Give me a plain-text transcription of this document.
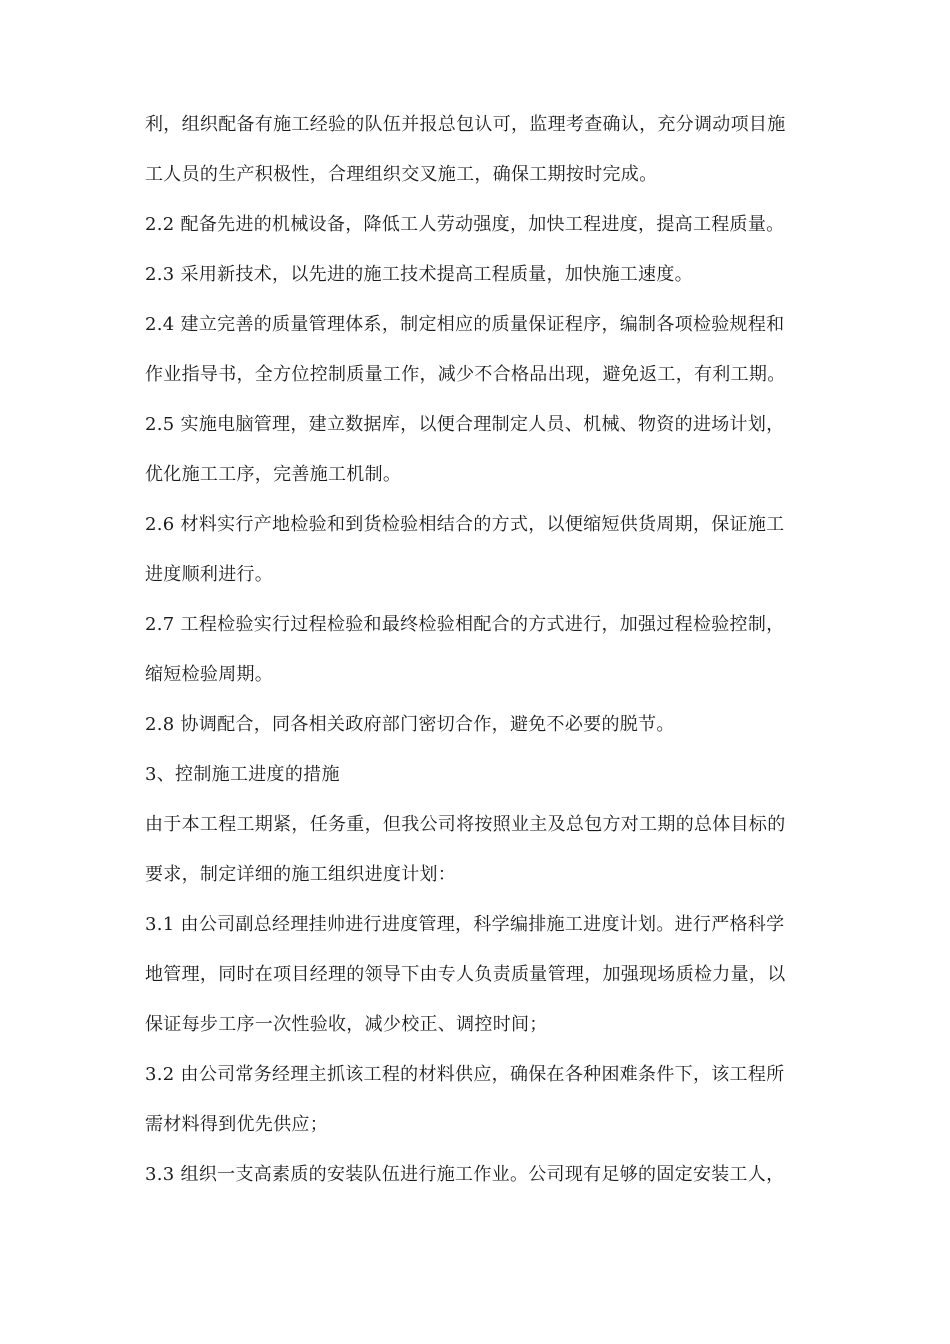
利，组织配备有施工经验的队伍并报总包认可，监理考查确认，充分调动项目施
工人员的生产积极性，合理组织交叉施工，确保工期按时完成。
2.2 配备先进的机械设备，降低工人劳动强度，加快工程进度，提高工程质量。
2.3 采用新技术，以先进的施工技术提高工程质量，加快施工速度。
2.4 建立完善的质量管理体系，制定相应的质量保证程序，编制各项检验规程和
作业指导书，全方位控制质量工作，减少不合格品出现，避免返工，有利工期。
2.5 实施电脑管理，建立数据库，以便合理制定人员、机械、物资的进场计划，
优化施工工序，完善施工机制。
2.6 材料实行产地检验和到货检验相结合的方式，以便缩短供货周期，保证施工
进度顺利进行。
2.7 工程检验实行过程检验和最终检验相配合的方式进行，加强过程检验控制，
缩短检验周期。
2.8 协调配合，同各相关政府部门密切合作，避免不必要的脱节。
3、控制施工进度的措施
由于本工程工期紧，任务重，但我公司将按照业主及总包方对工期的总体目标的
要求，制定详细的施工组织进度计划：
3.1 由公司副总经理挂帅进行进度管理，科学编排施工进度计划。进行严格科学
地管理，同时在项目经理的领导下由专人负责质量管理，加强现场质检力量，以
保证每步工序一次性验收，减少校正、调控时间；
3.2 由公司常务经理主抓该工程的材料供应，确保在各种困难条件下，该工程所
需材料得到优先供应；
3.3 组织一支高素质的安装队伍进行施工作业。公司现有足够的固定安装工人，
